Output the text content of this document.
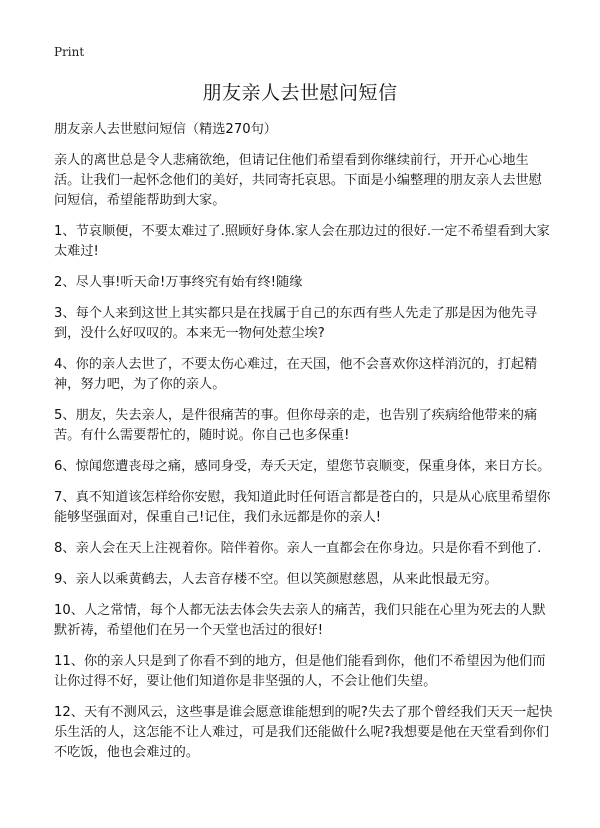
Print
朋友亲人去世慰问短信

朋友亲人去世慰问短信（精选270句）

亲人的离世总是令人悲痛欲绝，但请记住他们希望看到你继续前行，开开心心地生活。让我们一起怀念他们的美好，共同寄托哀思。下面是小编整理的朋友亲人去世慰问短信，希望能帮助到大家。

1、节哀顺便，不要太难过了.照顾好身体.家人会在那边过的很好.一定不希望看到大家太难过!

2、尽人事!听天命!万事终究有始有终!随缘

3、每个人来到这世上其实都只是在找属于自己的东西有些人先走了那是因为他先寻到，没什么好叹叹的。本来无一物何处惹尘埃?

4、你的亲人去世了，不要太伤心难过，在天国，他不会喜欢你这样消沉的，打起精神，努力吧，为了你的亲人。

5、朋友，失去亲人，是件很痛苦的事。但你母亲的走，也告别了疾病给他带来的痛苦。有什么需要帮忙的，随时说。你自己也多保重!

6、惊闻您遭丧母之痛，感同身受，寿夭天定，望您节哀顺变，保重身体，来日方长。

7、真不知道该怎样给你安慰，我知道此时任何语言都是苍白的，只是从心底里希望你能够坚强面对，保重自己!记住，我们永远都是你的亲人!

8、亲人会在天上注视着你。陪伴着你。亲人一直都会在你身边。只是你看不到他了.

9、亲人以乘黄鹤去，人去音存楼不空。但以笑颜慰慈恩，从来此恨最无穷。

10、人之常情，每个人都无法去体会失去亲人的痛苦，我们只能在心里为死去的人默默祈祷，希望他们在另一个天堂也活过的很好!

11、你的亲人只是到了你看不到的地方，但是他们能看到你，他们不希望因为他们而让你过得不好，要让他们知道你是非坚强的人，不会让他们失望。

12、天有不测风云，这些事是谁会愿意谁能想到的呢?失去了那个曾经我们天天一起快乐生活的人，这怎能不让人难过，可是我们还能做什么呢?我想要是他在天堂看到你们不吃饭，他也会难过的。
